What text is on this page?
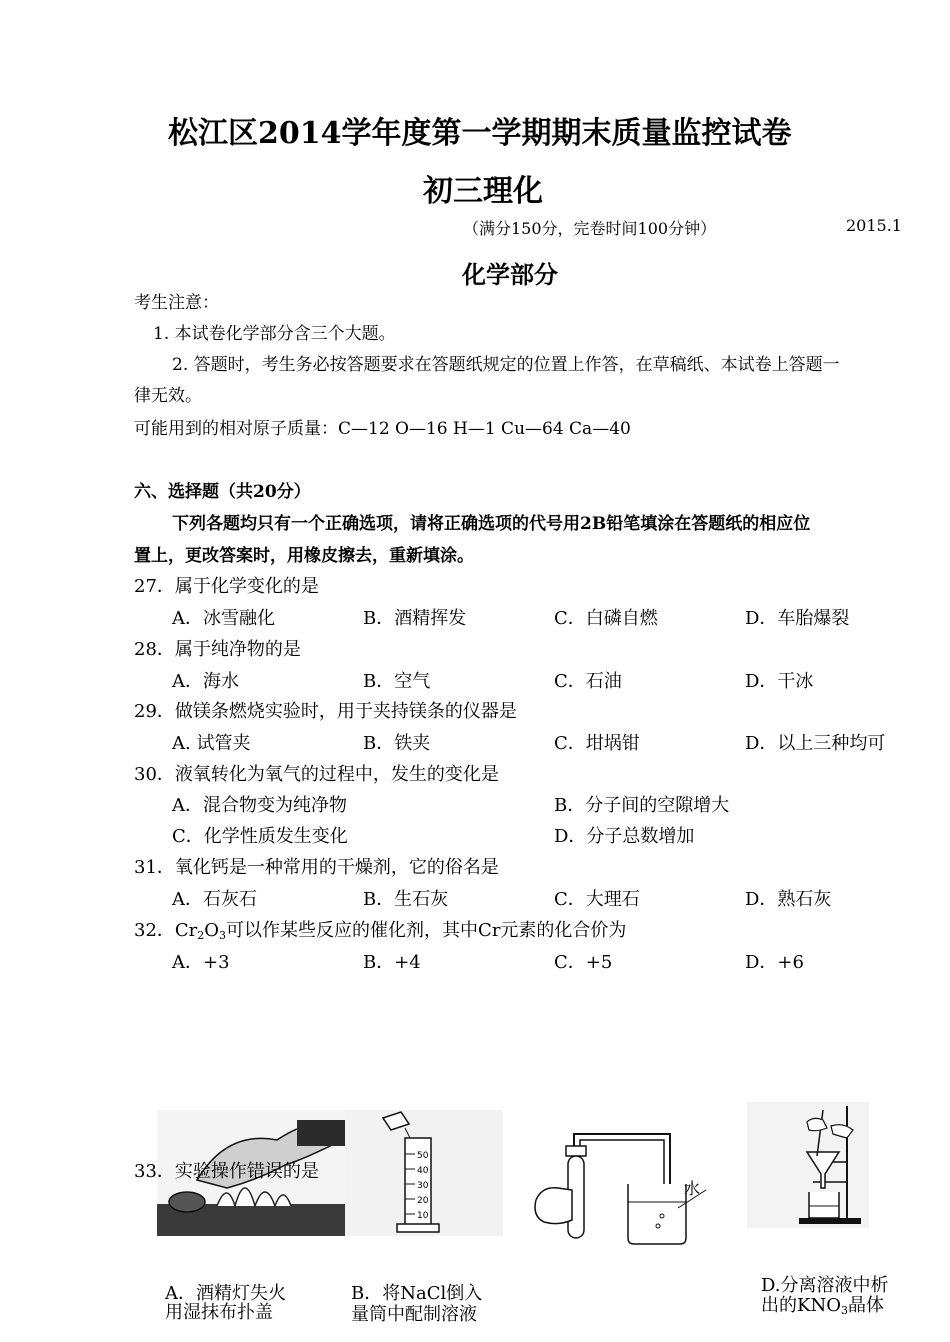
松江区2014学年度第一学期期末质量监控试卷
初三理化
（满分150分，完卷时间100分钟）	2015.1
化学部分
考生注意：
1. 本试卷化学部分含三个大题。
2. 答题时，考生务必按答题要求在答题纸规定的位置上作答，在草稿纸、本试卷上答题一
律无效。
可能用到的相对原子质量：C—12 O—16 H—1 Cu—64 Ca—40
六、选择题（共20分）
下列各题均只有一个正确选项，请将正确选项的代号用2B铅笔填涂在答题纸的相应位
置上，更改答案时，用橡皮擦去，重新填涂。
27．属于化学变化的是
A．冰雪融化	B．酒精挥发	C．白磷自燃	D．车胎爆裂
28．属于纯净物的是
A．海水	B．空气	C．石油	D．干冰
29．做镁条燃烧实验时，用于夹持镁条的仪器是
A. 试管夹	B．铁夹	C．坩埚钳	D．以上三种均可
30．液氧转化为氧气的过程中，发生的变化是
A．混合物变为纯净物	B．分子间的空隙增大
C．化学性质发生变化	D．分子总数增加
31．氧化钙是一种常用的干燥剂，它的俗名是
A．石灰石	B．生石灰	C．大理石	D．熟石灰
32．$Cr_2O_3$可以作某些反应的催化剂，其中Cr元素的化合价为
A．+3	B．+4	C．+5	D．+6
50
40
30
20
10
水
33．实验操作错误的是
A．酒精灯失火
用湿抹布扑盖
B．将NaCl倒入
量筒中配制溶液
D.分离溶液中析
出的$KNO_3$晶体
